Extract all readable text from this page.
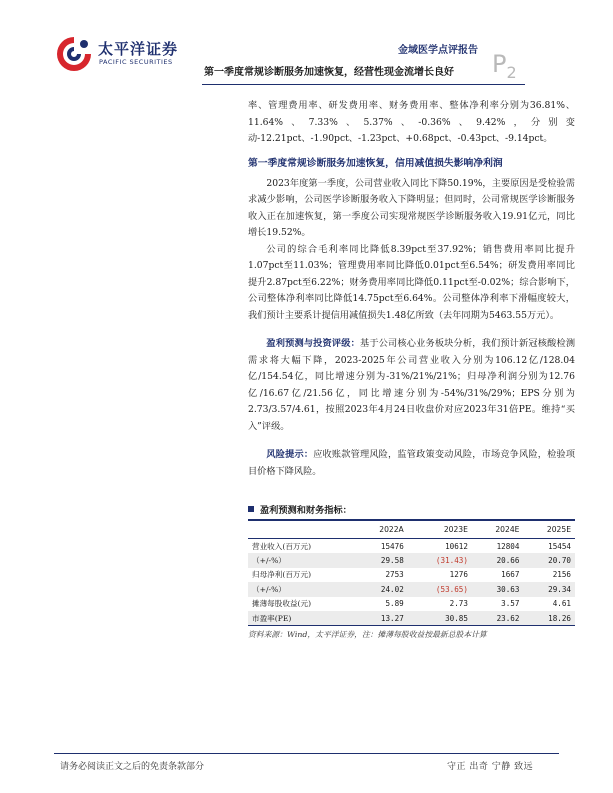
太平洋证券
PACIFIC SECURITIES
金域医学点评报告
第一季度常规诊断服务加速恢复，经营性现金流增长良好 $P_2$

率、管理费用率、研发费用率、财务费用率、整体净利率分别为36.81%、11.64%、7.33%、5.37%、-0.36%、9.42%，分别变动-12.21pct、-1.90pct、-1.23pct、+0.68pct、-0.43pct、-9.14pct。

第一季度常规诊断服务加速恢复，信用减值损失影响净利润

2023年度第一季度，公司营业收入同比下降50.19%，主要原因是受检验需求减少影响，公司医学诊断服务收入下降明显；但同时，公司常规医学诊断服务收入正在加速恢复，第一季度公司实现常规医学诊断服务收入19.91亿元，同比增长19.52%。

公司的综合毛利率同比降低8.39pct至37.92%；销售费用率同比提升1.07pct至11.03%；管理费用率同比降低0.01pct至6.54%；研发费用率同比提升2.87pct至6.22%；财务费用率同比降低0.11pct至-0.02%；综合影响下，公司整体净利率同比降低14.75pct至6.64%。公司整体净利率下滑幅度较大，我们预计主要系计提信用减值损失1.48亿所致（去年同期为5463.55万元）。

盈利预测与投资评级：基于公司核心业务板块分析，我们预计新冠核酸检测需求将大幅下降，2023-2025年公司营业收入分别为106.12亿/128.04亿/154.54亿，同比增速分别为-31%/21%/21%；归母净利润分别为12.76亿/16.67亿/21.56亿，同比增速分别为-54%/31%/29%；EPS分别为2.73/3.57/4.61，按照2023年4月24日收盘价对应2023年31倍PE。维持“买入”评级。

风险提示：应收账款管理风险，监管政策变动风险，市场竞争风险，检验项目价格下降风险。

盈利预测和财务指标：
	2022A	2023E	2024E	2025E
营业收入(百万元)	15476	10612	12804	15454
（+/-%）	29.58	(31.43)	20.66	20.70
归母净利(百万元)	2753	1276	1667	2156
（+/-%）	24.02	(53.65)	30.63	29.34
摊薄每股收益(元)	5.89	2.73	3.57	4.61
市盈率(PE)	13.27	30.85	23.62	18.26
资料来源：Wind，太平洋证券，注：摊薄每股收益按最新总股本计算
请务必阅读正文之后的免责条款部分	守正 出奇 宁静 致远
